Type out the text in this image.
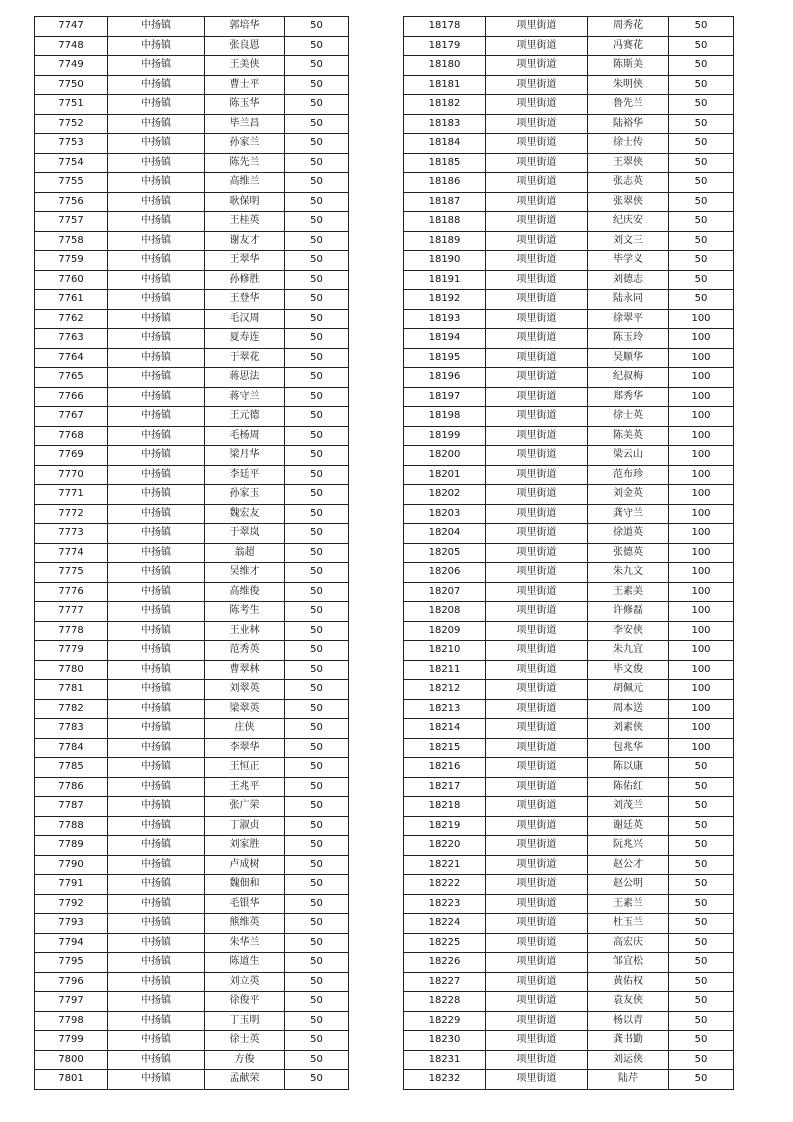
7747	中扬镇	郭培华	50
7748	中扬镇	张良恩	50
7749	中扬镇	王美侠	50
7750	中扬镇	曹士平	50
7751	中扬镇	陈玉华	50
7752	中扬镇	毕兰昌	50
7753	中扬镇	孙家兰	50
7754	中扬镇	陈先兰	50
7755	中扬镇	高维兰	50
7756	中扬镇	耿保明	50
7757	中扬镇	王桂英	50
7758	中扬镇	谢友才	50
7759	中扬镇	王翠华	50
7760	中扬镇	孙修胜	50
7761	中扬镇	王登华	50
7762	中扬镇	毛汉周	50
7763	中扬镇	夏寿连	50
7764	中扬镇	于翠花	50
7765	中扬镇	蒋思法	50
7766	中扬镇	蒋守兰	50
7767	中扬镇	王元德	50
7768	中扬镇	毛杨周	50
7769	中扬镇	梁月华	50
7770	中扬镇	李廷平	50
7771	中扬镇	孙家玉	50
7772	中扬镇	魏宏友	50
7773	中扬镇	于翠岚	50
7774	中扬镇	翁超	50
7775	中扬镇	吴维才	50
7776	中扬镇	高维俊	50
7777	中扬镇	陈考生	50
7778	中扬镇	王业林	50
7779	中扬镇	范秀英	50
7780	中扬镇	曹翠林	50
7781	中扬镇	刘翠英	50
7782	中扬镇	梁翠英	50
7783	中扬镇	庄侠	50
7784	中扬镇	李翠华	50
7785	中扬镇	王恒正	50
7786	中扬镇	王兆平	50
7787	中扬镇	张广荣	50
7788	中扬镇	丁淑贞	50
7789	中扬镇	刘家胜	50
7790	中扬镇	卢成树	50
7791	中扬镇	魏佃和	50
7792	中扬镇	毛银华	50
7793	中扬镇	熊维英	50
7794	中扬镇	朱华兰	50
7795	中扬镇	陈道生	50
7796	中扬镇	刘立英	50
7797	中扬镇	徐俊平	50
7798	中扬镇	丁玉明	50
7799	中扬镇	徐士英	50
7800	中扬镇	方俊	50
7801	中扬镇	孟献荣	50
18178	项里街道	周秀花	50
18179	项里街道	冯赛花	50
18180	项里街道	陈斯美	50
18181	项里街道	朱明侠	50
18182	项里街道	鲁先兰	50
18183	项里街道	陆裕华	50
18184	项里街道	徐士传	50
18185	项里街道	王翠侠	50
18186	项里街道	张志英	50
18187	项里街道	张翠侠	50
18188	项里街道	纪庆安	50
18189	项里街道	刘文三	50
18190	项里街道	毕学义	50
18191	项里街道	刘德志	50
18192	项里街道	陆永同	50
18193	项里街道	徐翠平	100
18194	项里街道	陈玉玲	100
18195	项里街道	吴顺华	100
18196	项里街道	纪叔梅	100
18197	项里街道	郑秀华	100
18198	项里街道	徐士英	100
18199	项里街道	陈美英	100
18200	项里街道	梁云山	100
18201	项里街道	范布珍	100
18202	项里街道	刘金英	100
18203	项里街道	龚守兰	100
18204	项里街道	徐道英	100
18205	项里街道	张德英	100
18206	项里街道	朱九文	100
18207	项里街道	王素美	100
18208	项里街道	许修磊	100
18209	项里街道	李安侠	100
18210	项里街道	朱九宜	100
18211	项里街道	毕文俊	100
18212	项里街道	胡佩元	100
18213	项里街道	周本送	100
18214	项里街道	刘素侠	100
18215	项里街道	包兆华	100
18216	项里街道	陈以康	50
18217	项里街道	陈佑红	50
18218	项里街道	刘茂兰	50
18219	项里街道	谢廷英	50
18220	项里街道	阮兆兴	50
18221	项里街道	赵公才	50
18222	项里街道	赵公明	50
18223	项里街道	王素兰	50
18224	项里街道	杜玉兰	50
18225	项里街道	高宏庆	50
18226	项里街道	邹宜松	50
18227	项里街道	黄佑权	50
18228	项里街道	袁友侠	50
18229	项里街道	杨以青	50
18230	项里街道	龚书勤	50
18231	项里街道	刘运侠	50
18232	项里街道	陆芹	50
